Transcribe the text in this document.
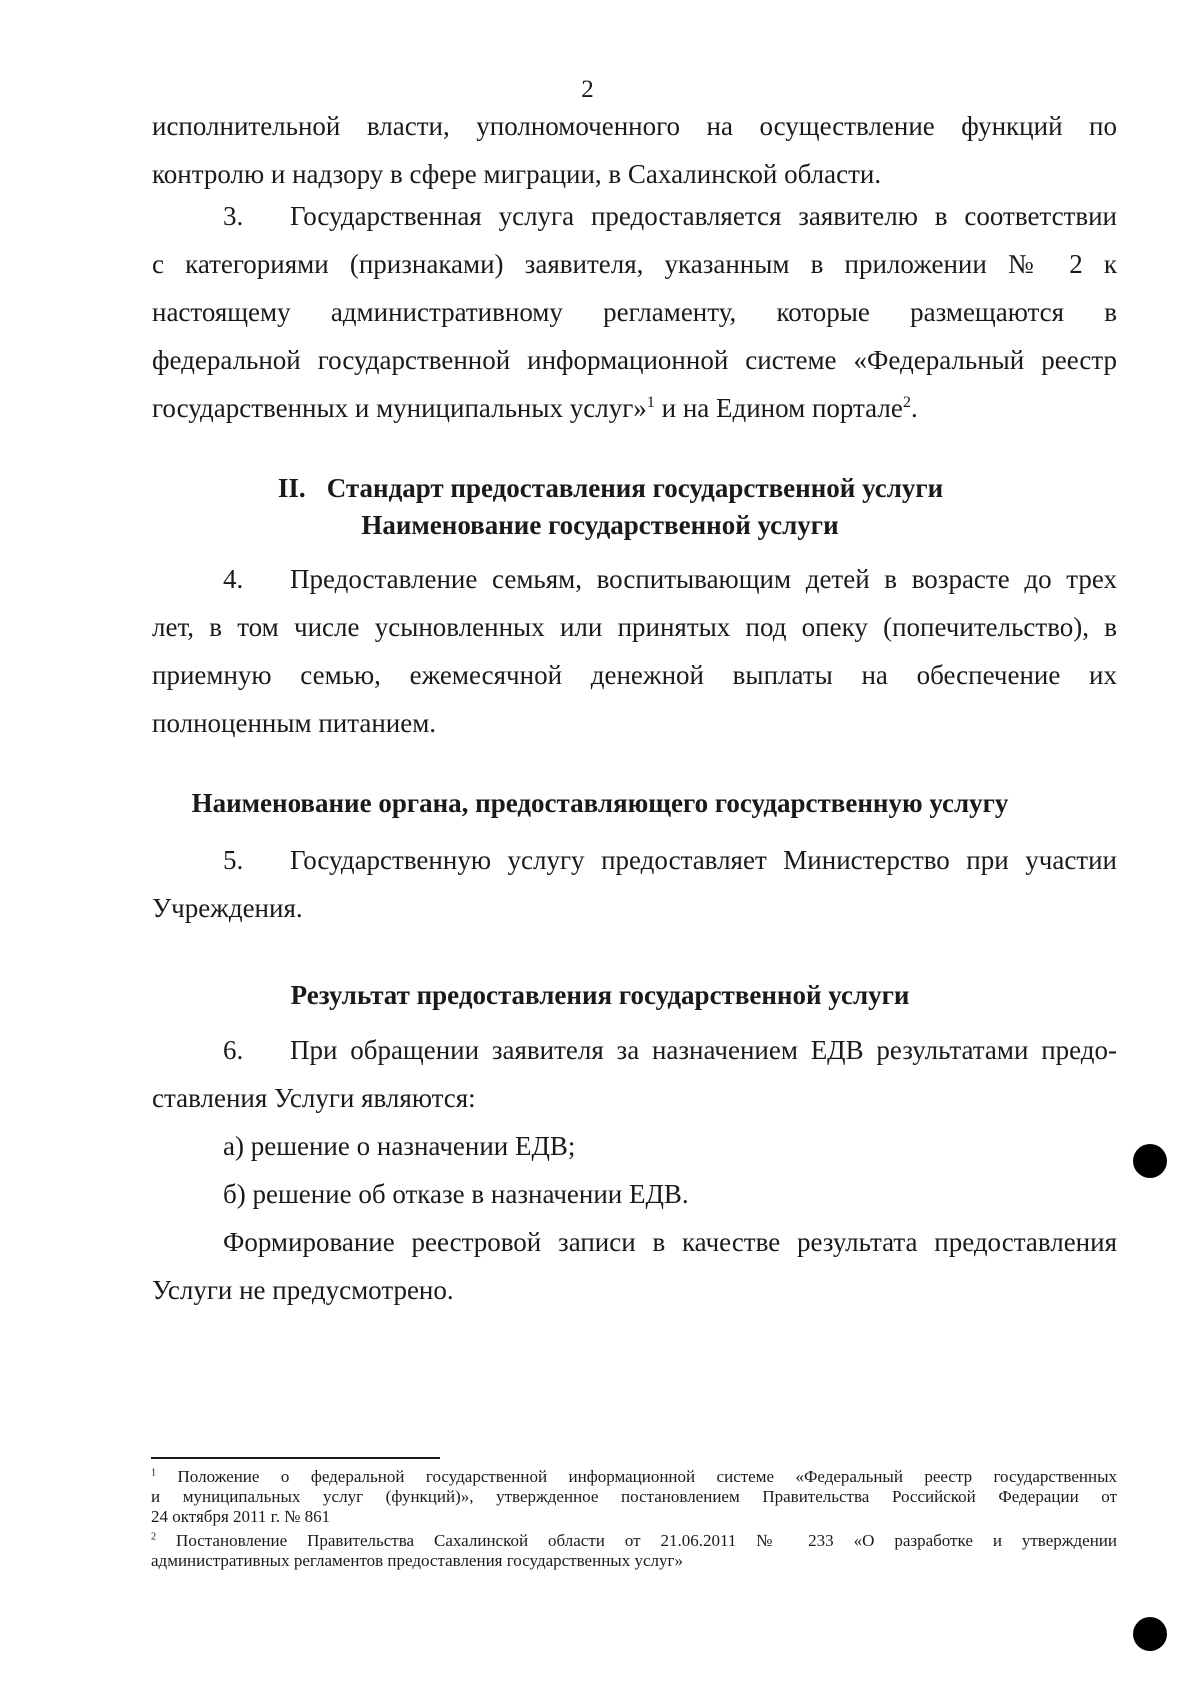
2
исполнительной власти, уполномоченного на осуществление функций по
контролю и надзору в сфере миграции, в Сахалинской области.
3. Государственная услуга предоставляется заявителю в соответствии
с категориями (признаками) заявителя, указанным в приложении № 2 к
настоящему административному регламенту, которые размещаются в
федеральной государственной информационной системе «Федеральный реестр
государственных и муниципальных услуг»$^1$ и на Едином портале$^2$.
II. Стандарт предоставления государственной услуги
Наименование государственной услуги
4. Предоставление семьям, воспитывающим детей в возрасте до трех
лет, в том числе усыновленных или принятых под опеку (попечительство), в
приемную семью, ежемесячной денежной выплаты на обеспечение их
полноценным питанием.
Наименование органа, предоставляющего государственную услугу
5. Государственную услугу предоставляет Министерство при участии
Учреждения.
Результат предоставления государственной услуги
6. При обращении заявителя за назначением ЕДВ результатами предо-
ставления Услуги являются:
а) решение о назначении ЕДВ;
б) решение об отказе в назначении ЕДВ.
Формирование реестровой записи в качестве результата предоставления
Услуги не предусмотрено.
$^1$ Положение о федеральной государственной информационной системе «Федеральный реестр государственных
и муниципальных услуг (функций)», утвержденное постановлением Правительства Российской Федерации от
24 октября 2011 г. № 861
$^2$ Постановление Правительства Сахалинской области от 21.06.2011 № 233 «О разработке и утверждении
административных регламентов предоставления государственных услуг»
